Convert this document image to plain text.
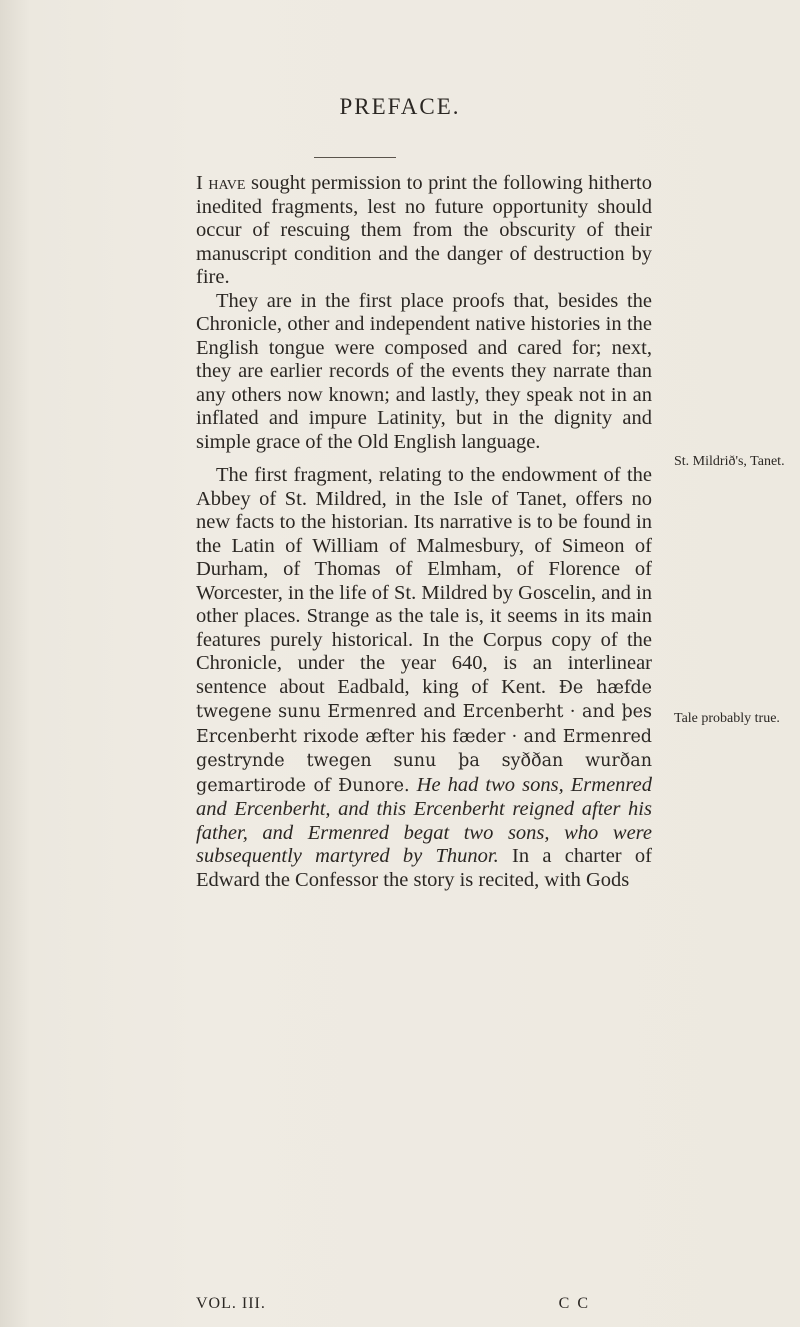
PREFACE.

I have sought permission to print the following hitherto inedited fragments, lest no future opportunity should occur of rescuing them from the obscurity of their manuscript condition and the danger of destruction by fire.

They are in the first place proofs that, besides the Chronicle, other and independent native histories in the English tongue were composed and cared for; next, they are earlier records of the events they narrate than any others now known; and lastly, they speak not in an inflated and impure Latinity, but in the dignity and simple grace of the Old English language.

The first fragment, relating to the endowment of the Abbey of St. Mildred, in the Isle of Tanet, offers no new facts to the historian. Its narrative is to be found in the Latin of William of Malmesbury, of Simeon of Durham, of Thomas of Elmham, of Florence of Worcester, in the life of St. Mildred by Goscelin, and in other places. Strange as the tale is, it seems in its main features purely historical. In the Corpus copy of the Chronicle, under the year 640, is an interlinear sentence about Eadbald, king of Kent. Ðe hæfde twegene sunu Ermenred and Ercenberht · and þes Ercenberht rixode æfter his fæder · and Ermenred gestrynde twegen sunu þa syððan wurðan gemartirode of Ðunore. He had two sons, Ermenred and Ercenberht, and this Ercenberht reigned after his father, and Ermenred begat two sons, who were subsequently martyred by Thunor. In a charter of Edward the Confessor the story is recited, with Gods

St. Mildrið's, Tanet.
Tale probably true.
VOL. III.	C C
